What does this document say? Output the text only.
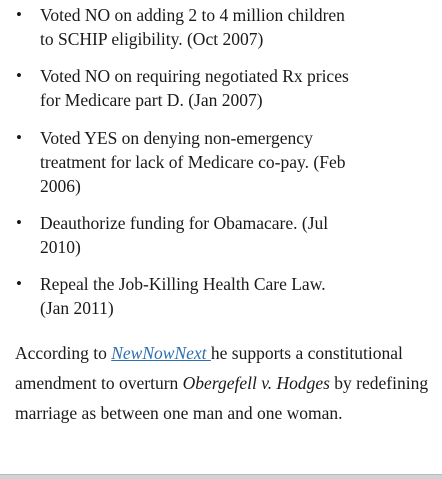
• Voted NO on adding 2 to 4 million children
to SCHIP eligibility. (Oct 2007)
• Voted NO on requiring negotiated Rx prices
for Medicare part D. (Jan 2007)
• Voted YES on denying non-emergency
treatment for lack of Medicare co-pay. (Feb
2006)
• Deauthorize funding for Obamacare. (Jul
2010)
• Repeal the Job-Killing Health Care Law.
(Jan 2011)

According to NewNowNext he supports a constitutional amendment to overturn Obergefell v. Hodges by redefining marriage as between one man and one woman.
